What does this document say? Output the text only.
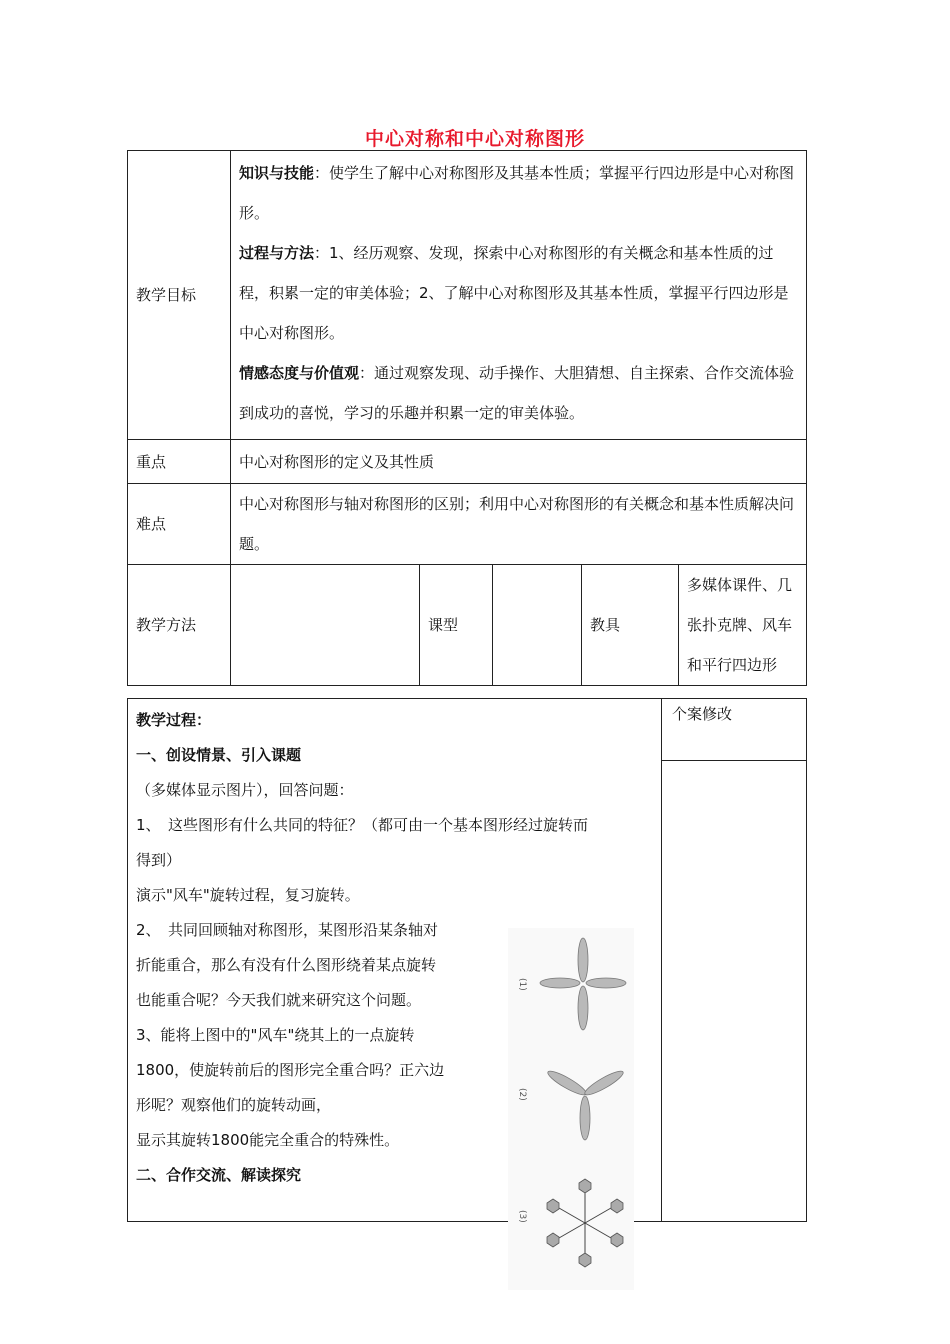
中心对称和中心对称图形
教学目标	知识与技能：使学生了解中心对称图形及其基本性质；掌握平行四边形是中心对称图形。
过程与方法：1、经历观察、发现，探索中心对称图形的有关概念和基本性质的过程，积累一定的审美体验；2、了解中心对称图形及其基本性质，掌握平行四边形是中心对称图形。
情感态度与价值观：通过观察发现、动手操作、大胆猜想、自主探索、合作交流体验到成功的喜悦，学习的乐趣并积累一定的审美体验。				

重点	中心对称图形的定义及其性质				
难点	中心对称图形与轴对称图形的区别；利用中心对称图形的有关概念和基本性质解决问题。				
教学方法		课型		教具	多媒体课件、几张扑克牌、风车和平行四边形
教学过程：
一、创设情景、引入课题
（多媒体显示图片），回答问题：
1、　这些图形有什么共同的特征？（都可由一个基本图形经过旋转而
得到）
演示"风车"旋转过程，复习旋转。
2、　共同回顾轴对称图形，某图形沿某条轴对
折能重合，那么有没有什么图形绕着某点旋转
也能重合呢？今天我们就来研究这个问题。
3、能将上图中的"风车"绕其上的一点旋转
1800，使旋转前后的图形完全重合吗？正六边
形呢？观察他们的旋转动画，
显示其旋转1800能完全重合的特殊性。
二、合作交流、解读探究
	个案修改

(1)
(2)
(3)
